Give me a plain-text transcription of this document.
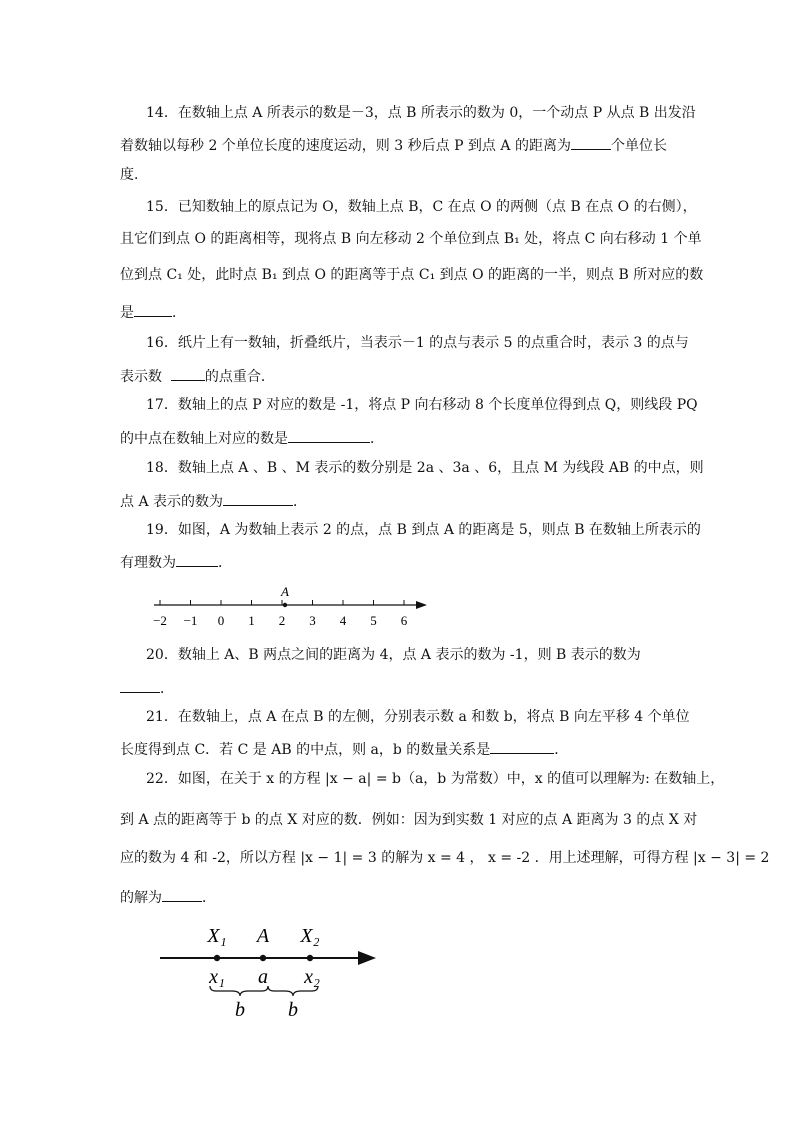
14．在数轴上点 A 所表示的数是－3，点 B 所表示的数为 0，一个动点 P 从点 B 出发沿
着数轴以每秒 2 个单位长度的速度运动，则 3 秒后点 P 到点 A 的距离为	个单位长
度．
15．已知数轴上的原点记为 O，数轴上点 B，C 在点 O 的两侧（点 B 在点 O 的右侧），
且它们到点 O 的距离相等，现将点 B 向左移动 2 个单位到点 B₁ 处，将点 C 向右移动 1 个单
位到点 C₁ 处，此时点 B₁ 到点 O 的距离等于点 C₁ 到点 O 的距离的一半，则点 B 所对应的数
是	．
16．纸片上有一数轴，折叠纸片，当表示－1 的点与表示 5 的点重合时，表示 3 的点与
表示数	的点重合．
17．数轴上的点 P 对应的数是 -1，将点 P 向右移动 8 个长度单位得到点 Q，则线段 PQ
的中点在数轴上对应的数是	．
18．数轴上点 A 、B 、M 表示的数分别是 2a 、3a 、6，且点 M 为线段 AB 的中点，则
点 A 表示的数为	．
19．如图，A 为数轴上表示 2 的点，点 B 到点 A 的距离是 5，则点 B 在数轴上所表示的
有理数为	．
−2 −1 0 1 2 3 4 5 6
A
20．数轴上 A、B 两点之间的距离为 4，点 A 表示的数为 -1，则 B 表示的数为
．
21．在数轴上，点 A 在点 B 的左侧，分别表示数 a 和数 b，将点 B 向左平移 4 个单位
长度得到点 C．若 C 是 AB 的中点，则 a，b 的数量关系是	．
22．如图，在关于 x 的方程 |x − a| = b（a，b 为常数）中，x 的值可以理解为: 在数轴上，
到 A 点的距离等于 b 的点 X 对应的数．例如：因为到实数 1 对应的点 A 距离为 3 的点 X 对
应的数为 4 和 -2，所以方程 |x − 1| = 3 的解为 x = 4 ， x = -2 ．用上述理解，可得方程 |x − 3| = 2
的解为	．
X₁ A X₂
x₁ a x₂
b b
